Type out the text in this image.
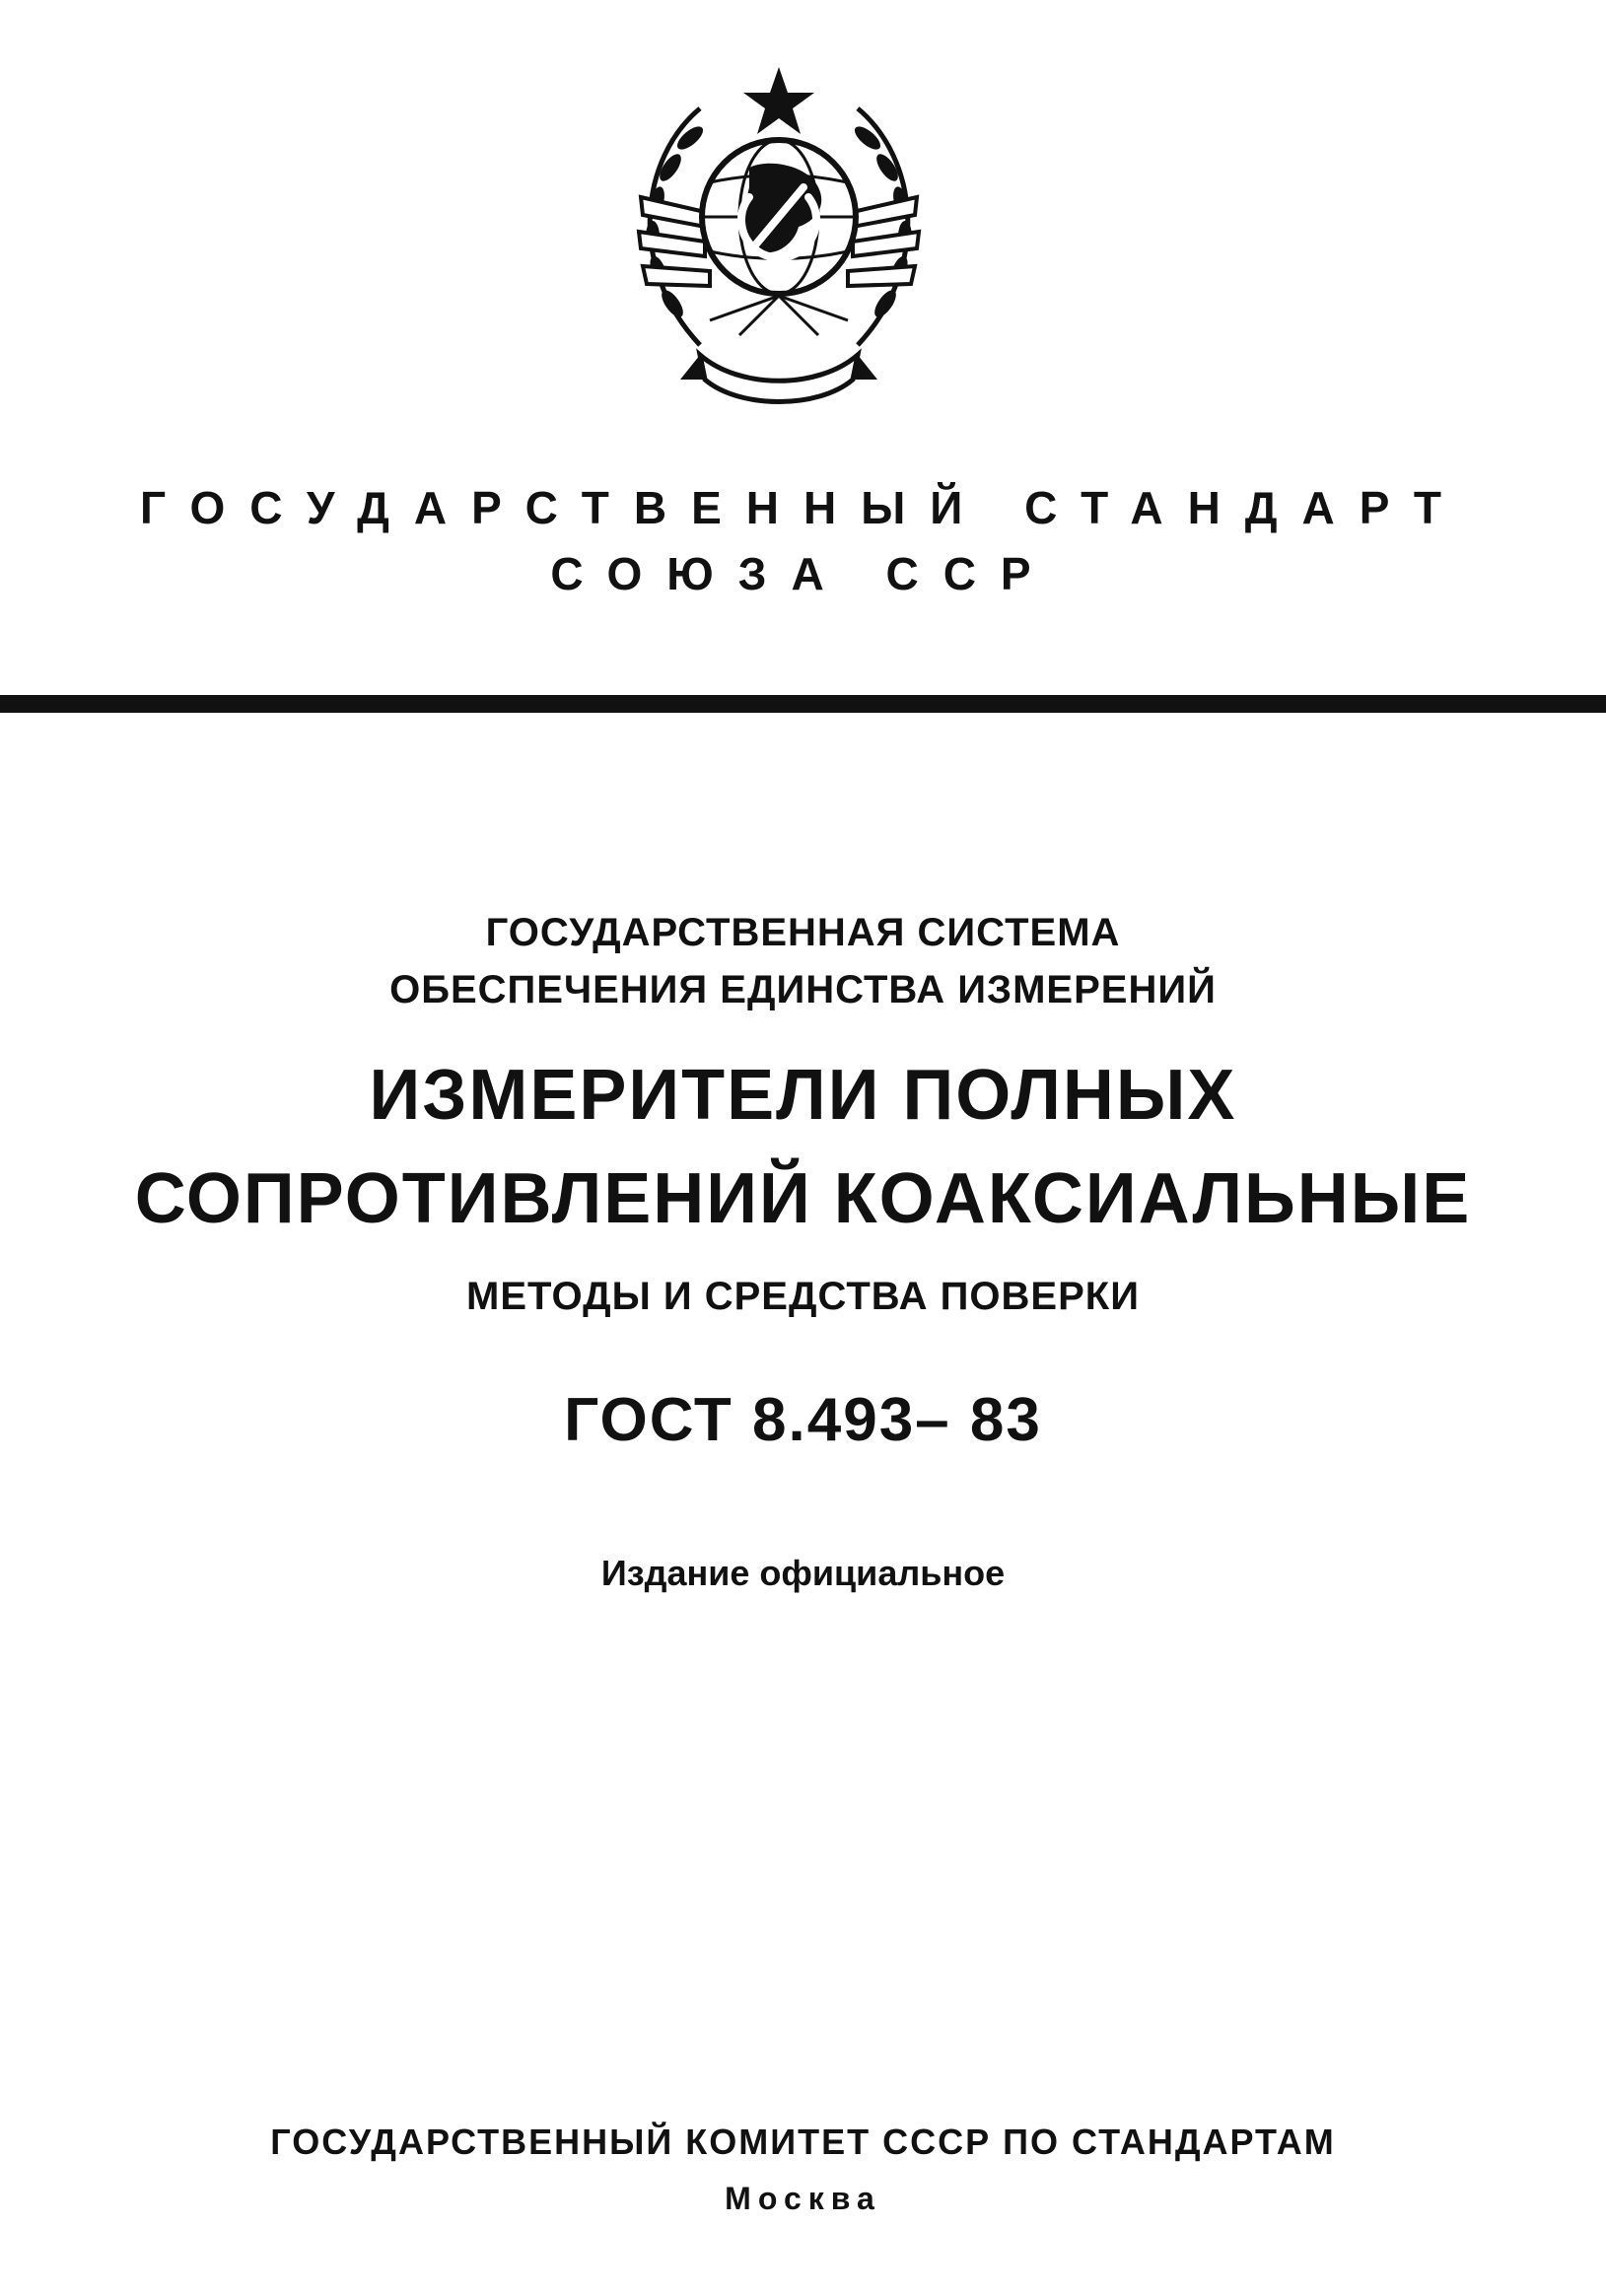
ГОСУДАРСТВЕННЫЙ СТАНДАРТ
СОЮЗА ССР
ГОСУДАРСТВЕННАЯ СИСТЕМА
ОБЕСПЕЧЕНИЯ ЕДИНСТВА ИЗМЕРЕНИЙ
ИЗМЕРИТЕЛИ ПОЛНЫХ
СОПРОТИВЛЕНИЙ КОАКСИАЛЬНЫЕ
МЕТОДЫ И СРЕДСТВА ПОВЕРКИ
ГОСТ 8.493– 83
Издание официальное
ГОСУДАРСТВЕННЫЙ КОМИТЕТ СССР ПО СТАНДАРТАМ
Москва
